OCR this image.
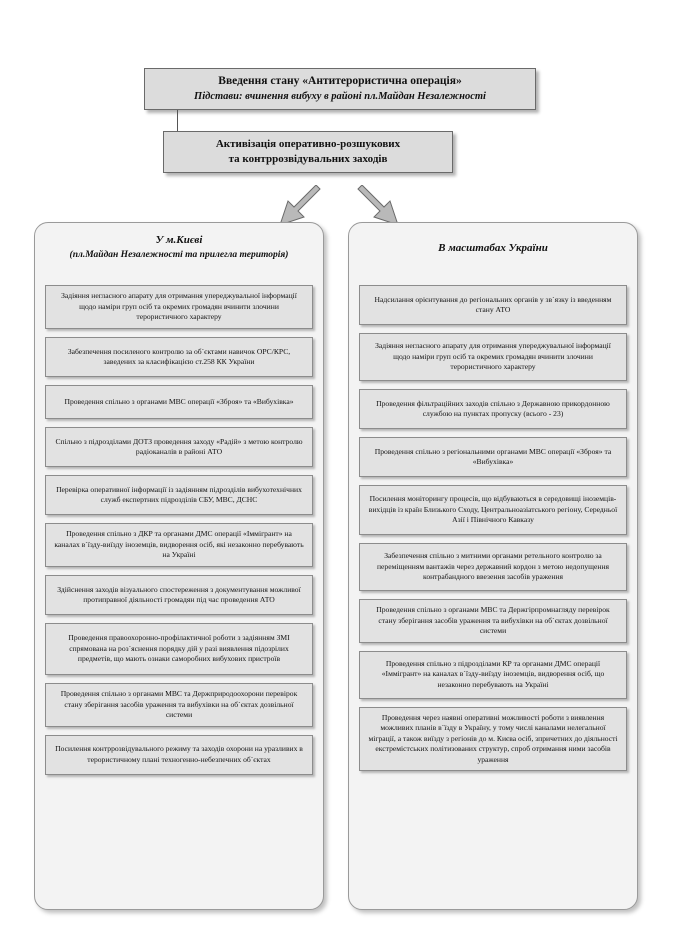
Введення стану «Антитерористична операція»
Підстави: вчинення вибуху в районі пл.Майдан Незалежності
Активізація оперативно-розшукових
та контррозвідувальних заходів
У м.Києві
(пл.Майдан Незалежності та прилегла територія)
Задіяння негласного апарату для отримання упереджувальної інформації щодо наміри груп осіб та окремих громадян вчинити злочини терористичного характеру
Забезпечення посиленого контролю за об`єктами навичок ОРС/КРС, заведених за класифікацією ст.258 КК України
Проведення спільно з органами МВС операції «Зброя» та «Вибухівка»
Спільно з підрозділами ДОТЗ проведення заходу «Радій» з метою контролю радіоканалів в районі АТО
Перевірка оперативної інформації із задіянням підрозділів вибухотехнічних служб експертних підрозділів СБУ, МВС, ДСНС
Проведення спільно з ДКР та органами ДМС операції «Іммігрант» на каналах в`їзду-виїзду іноземців, видворення осіб, які незаконно перебувають на Україні
Здійснення заходів візуального спостереження з документування можливої протиправної діяльності громадян під час проведення АТО
Проведення правоохоронно-профілактичної роботи з задіянням ЗМІ спрямована на роз`яснення порядку дій у разі виявлення підозрілих предметів, що мають ознаки саморобних вибухових пристроїв
Проведення спільно з органами МВС та Держприродоохорони перевірок стану зберігання засобів ураження та вибухівки на об`єктах дозвільної системи
Посилення контррозвідувального режиму та заходів охорони на уразливих в терористичному плані техногенно-небезпечних об`єктах
В масштабах України
Надсилання орієнтування до регіональних органів у зв`язку із введенням стану АТО
Задіяння негласного апарату для отримання упереджувальної інформації щодо наміри груп осіб та окремих громадян вчинити злочини терористичного характеру
Проведення фільтраційних заходів спільно з Державною прикордонною службою на пунктах пропуску (всього - 23)
Проведення спільно з регіональними органами МВС операції «Зброя» та «Вибухівка»
Посилення моніторингу процесів, що відбуваються в середовищі іноземців-вихідців із країн Близького Сходу, Центральноазіатського регіону, Середньої Азії і Північного Кавказу
Забезпечення спільно з митними органами ретельного контролю за переміщенням вантажів через державний кордон з метою недопущення контрабандного ввезення засобів ураження
Проведення спільно з органами МВС та Держгірпромнагляду перевірок стану зберігання засобів ураження та вибухівки на об`єктах дозвільної системи
Проведення спільно з підрозділами КР та органами ДМС операції «Іммігрант» на каналах в`їзду-виїзду іноземців, видворення осіб, що незаконно перебувають на Україні
Проведення через наявні оперативні можливості роботи з виявлення можливих планів в`їзду в Україну, у тому числі каналами нелегальної міграції, а також виїзду з регіонів до м. Києва осіб, зпричетних до діяльності екстремістських політизованих структур, спроб отримання ними засобів ураження
